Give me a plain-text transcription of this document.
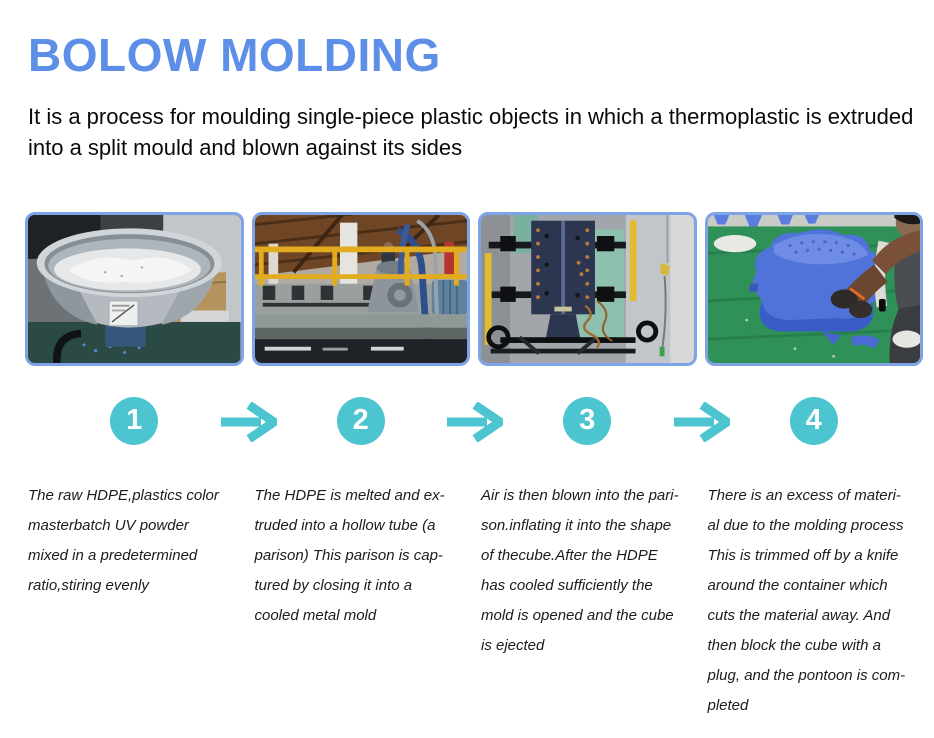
BOLOW MOLDING

It is a process for moulding single-piece plastic objects in which a thermoplastic is extruded into a split mould and blown against its sides

1	2	3	4
The raw HDPE,plastics color
masterbatch UV powder
mixed in a predetermined
ratio,stiring evenly
The HDPE is melted and ex-
truded into a hollow tube (a
parison) This parison is cap-
tured by closing it into a
cooled metal mold
Air is then blown into the pari-
son.inflating it into the shape
of thecube.After the HDPE
has cooled sufficiently the
mold is opened and the cube
is ejected
There is an excess of materi-
al due to the molding process
This is trimmed off by a knife
around the container which
cuts the material away. And
then block the cube with a
plug, and the pontoon is com-
pleted
